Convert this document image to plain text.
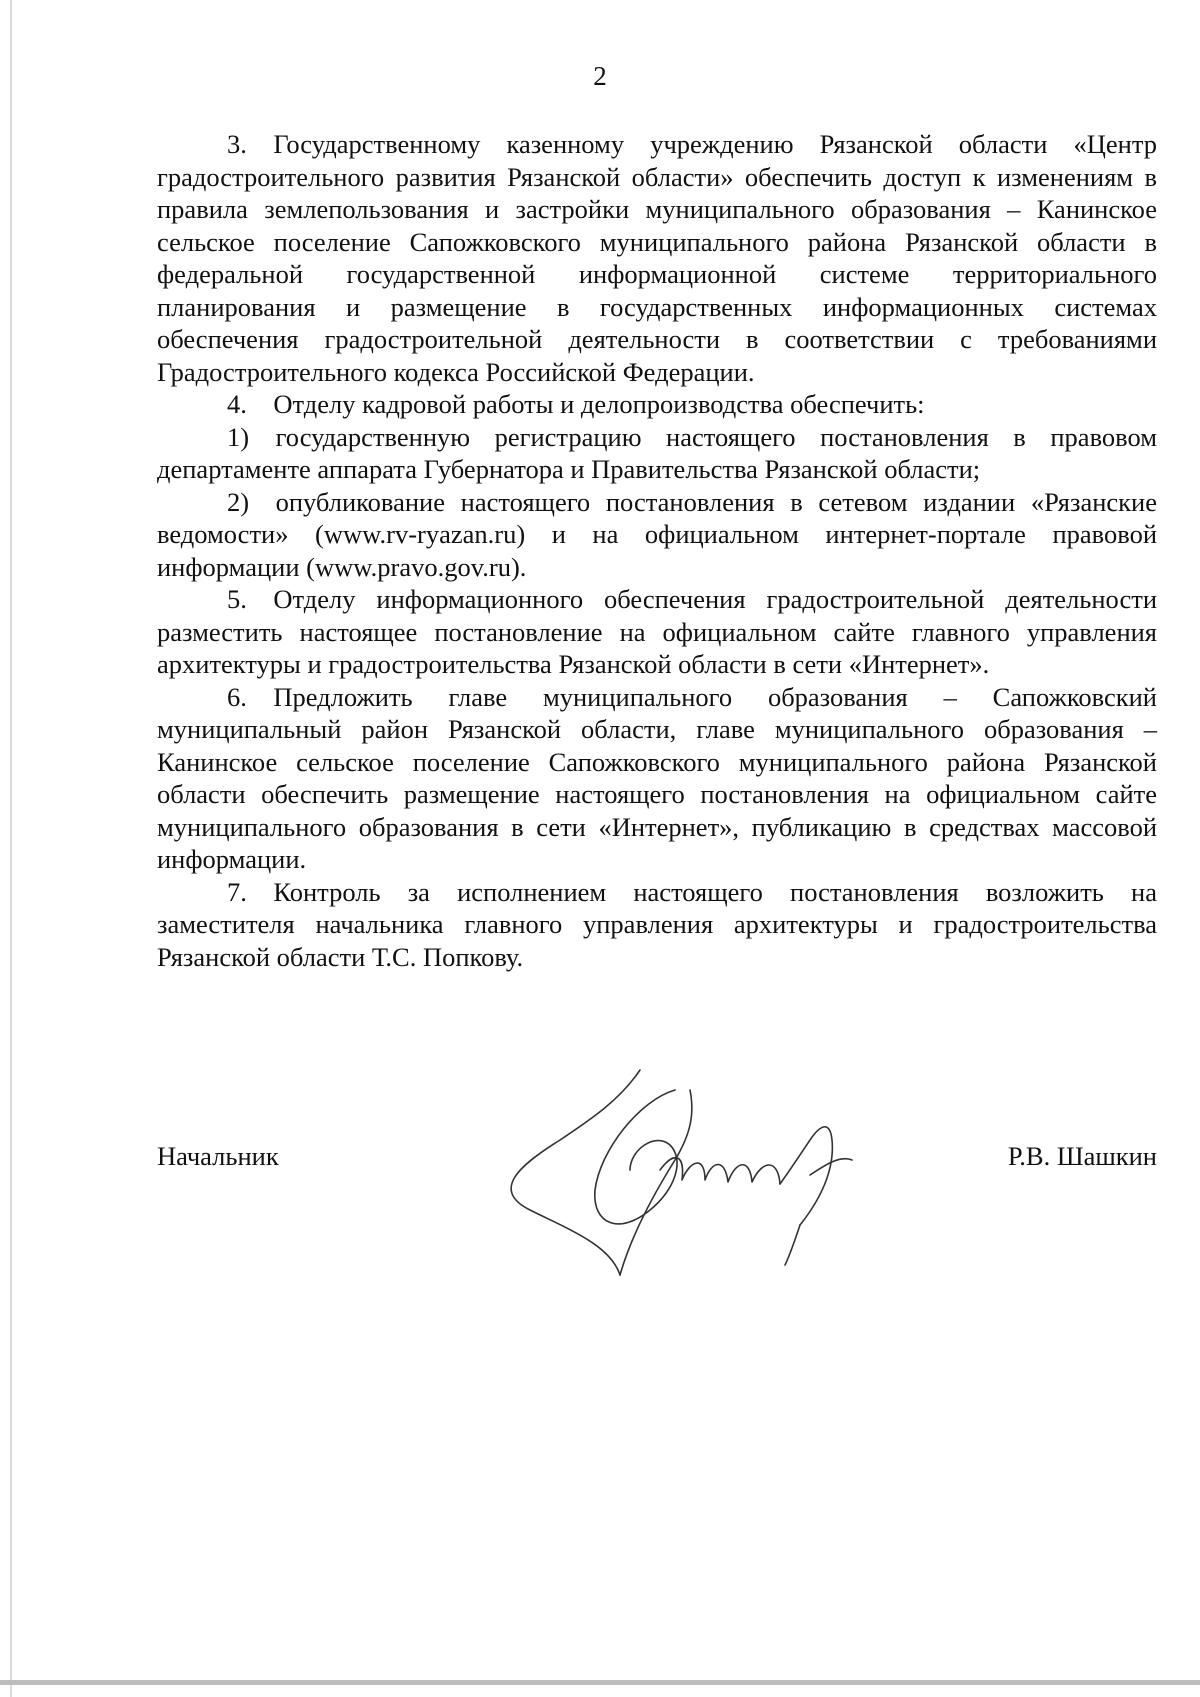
2

3. Государственному казенному учреждению Рязанской области «Центр градостроительного развития Рязанской области» обеспечить доступ к изменениям в правила землепользования и застройки муниципального образования – Канинское сельское поселение Сапожковского муниципального района Рязанской области в федеральной государственной информационной системе территориального планирования и размещение в государственных информационных системах обеспечения градостроительной деятельности в соответствии с требованиями Градостроительного кодекса Российской Федерации.

4. Отделу кадровой работы и делопроизводства обеспечить:

1) государственную регистрацию настоящего постановления в правовом департаменте аппарата Губернатора и Правительства Рязанской области;

2) опубликование настоящего постановления в сетевом издании «Рязанские ведомости» (www.rv-ryazan.ru) и на официальном интернет-портале правовой информации (www.pravo.gov.ru).

5. Отделу информационного обеспечения градостроительной деятельности разместить настоящее постановление на официальном сайте главного управления архитектуры и градостроительства Рязанской области в сети «Интернет».

6. Предложить главе муниципального образования – Сапожковский муниципальный район Рязанской области, главе муниципального образования – Канинское сельское поселение Сапожковского муниципального района Рязанской области обеспечить размещение настоящего постановления на официальном сайте муниципального образования в сети «Интернет», публикацию в средствах массовой информации.

7. Контроль за исполнением настоящего постановления возложить на заместителя начальника главного управления архитектуры и градостроительства Рязанской области Т.С. Попкову.

Начальник	Р.В. Шашкин
